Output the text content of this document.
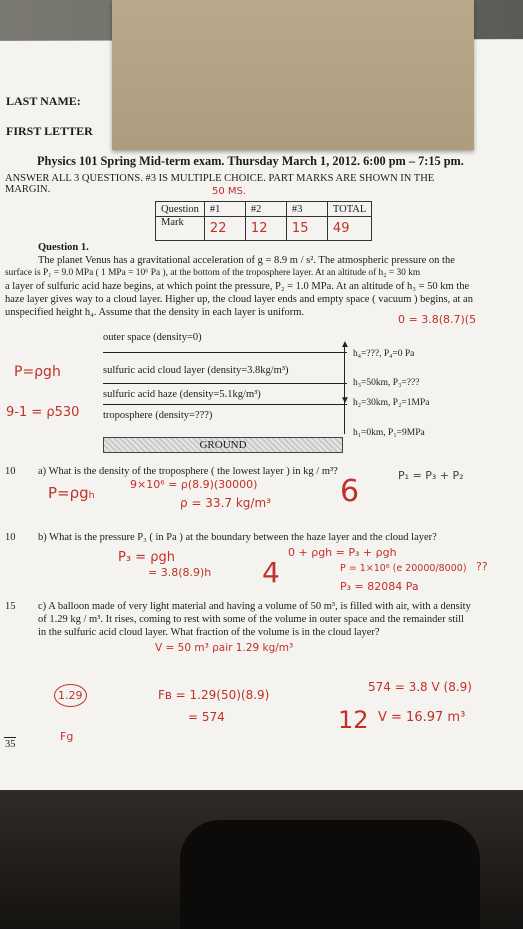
LAST NAME:
FIRST LETTER
Physics 101 Spring Mid-term exam. Thursday March 1, 2012. 6:00 pm – 7:15 pm.
ANSWER ALL 3 QUESTIONS. #3 IS MULTIPLE CHOICE. PART MARKS ARE SHOWN IN THE
MARGIN.	50 MS.
Question	#1	#2	#3	TOTAL
Mark	22	12	15	49
Question 1.
The planet Venus has a gravitational acceleration of g = 8.9 m / s². The atmospheric pressure on the
surface is P₁ = 9.0 MPa ( 1 MPa = 10⁶ Pa ), at the bottom of the troposphere layer. At an altitude of h₂ = 30 km
a layer of sulfuric acid haze begins, at which point the pressure, P₂ = 1.0 MPa. At an altitude of h₃ = 50 km the
haze layer gives way to a cloud layer. Higher up, the cloud layer ends and empty space ( vacuum ) begins, at an
unspecified height h₄. Assume that the density in each layer is uniform.
0 = 3.8(8.7)(5
outer space (density=0)
sulfuric acid cloud layer (density=3.8kg/m³)
sulfuric acid haze (density=5.1kg/m³)
troposphere (density=???)
GROUND
h₄=???, P₄=0 Pa
h₃=50km, P₃=???
h₂=30km, P₂=1MPa
h₁=0km, P₁=9MPa
▲
▼
P=ρgh
9-1 = ρ530
10 a) What is the density of the troposphere ( the lowest layer ) in kg / m³?
P=ρgₕ	9×10⁶ = ρ(8.9)(30000)
ρ = 33.7 kg/m³ 6	P₁ = P₃ + P₂
10 b) What is the pressure P₃ ( in Pa ) at the boundary between the haze layer and the cloud layer?
P₃ = ρgh
= 3.8(8.9)h 4
0 + ρgh = P₃ + ρgh
P = 1×10⁶ (e 20000/8000)
P₃ = 82084 Pa
??
15 c) A balloon made of very light material and having a volume of 50 m³, is filled with air, with a density
of 1.29 kg / m³. It rises, coming to rest with some of the volume in outer space and the remainder still
in the sulfuric acid cloud layer. What fraction of the volume is in the cloud layer?
V = 50 m³ ρair 1.29 kg/m³
1.29
Fg
Fʙ = 1.29(50)(8.9)
= 574
574 = 3.8 V (8.9)
12 V = 16.97 m³
35
